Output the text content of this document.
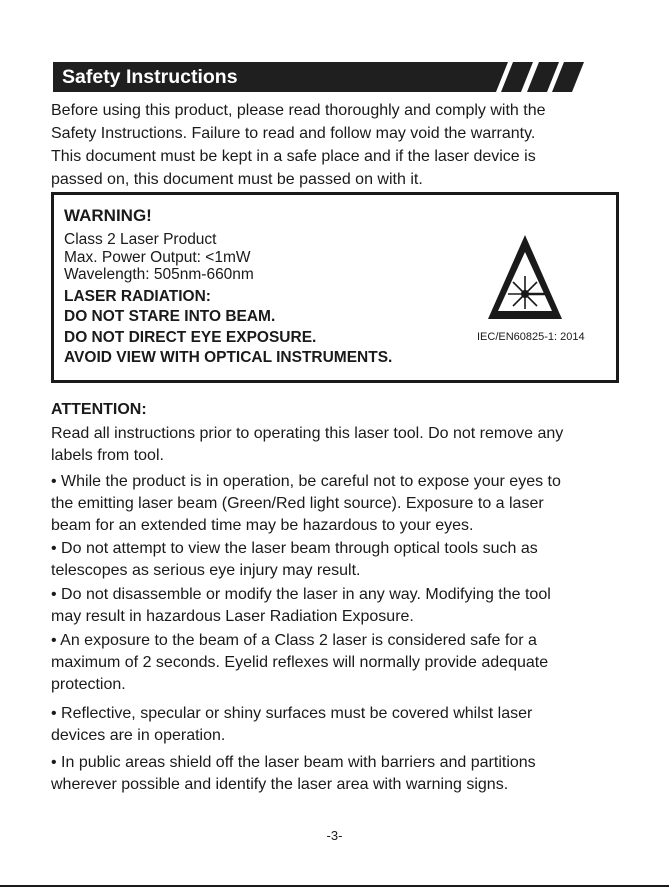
Safety Instructions
Before using this product, please read thoroughly and comply with the
Safety Instructions. Failure to read and follow may void the warranty.
This document must be kept in a safe place and if the laser device is
passed on, this document must be passed on with it.
WARNING!
Class 2 Laser Product
Max. Power Output: <1mW
Wavelength: 505nm-660nm
LASER RADIATION:
DO NOT STARE INTO BEAM.
DO NOT DIRECT EYE EXPOSURE.
AVOID VIEW WITH OPTICAL INSTRUMENTS.
IEC/EN60825-1: 2014
ATTENTION:
Read all instructions prior to operating this laser tool. Do not remove any
labels from tool.
• While the product is in operation, be careful not to expose your eyes to
the emitting laser beam (Green/Red light source). Exposure to a laser
beam for an extended time may be hazardous to your eyes.
• Do not attempt to view the laser beam through optical tools such as
telescopes as serious eye injury may result.
• Do not disassemble or modify the laser in any way. Modifying the tool
may result in hazardous Laser Radiation Exposure.
• An exposure to the beam of a Class 2 laser is considered safe for a
maximum of 2 seconds. Eyelid reflexes will normally provide adequate
protection.
• Reflective, specular or shiny surfaces must be covered whilst laser
devices are in operation.
• In public areas shield off the laser beam with barriers and partitions
wherever possible and identify the laser area with warning signs.
-3-
